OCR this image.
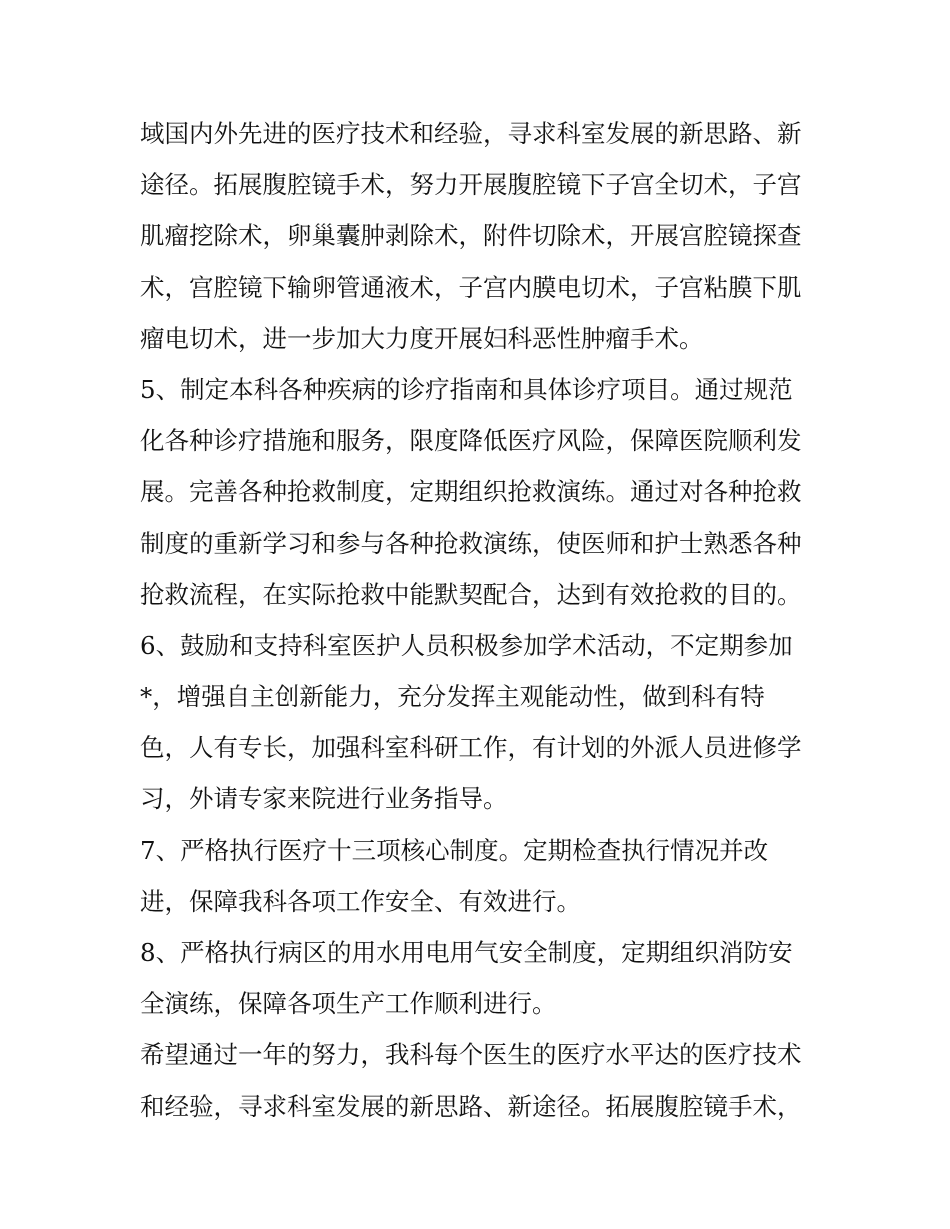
域国内外先进的医疗技术和经验，寻求科室发展的新思路、新
途径。拓展腹腔镜手术，努力开展腹腔镜下子宫全切术，子宫
肌瘤挖除术，卵巢囊肿剥除术，附件切除术，开展宫腔镜探查
术，宫腔镜下输卵管通液术，子宫内膜电切术，子宫粘膜下肌
瘤电切术，进一步加大力度开展妇科恶性肿瘤手术。
5、制定本科各种疾病的诊疗指南和具体诊疗项目。通过规范
化各种诊疗措施和服务，限度降低医疗风险，保障医院顺利发
展。完善各种抢救制度，定期组织抢救演练。通过对各种抢救
制度的重新学习和参与各种抢救演练，使医师和护士熟悉各种
抢救流程，在实际抢救中能默契配合，达到有效抢救的目的。
6、鼓励和支持科室医护人员积极参加学术活动，不定期参加
*，增强自主创新能力，充分发挥主观能动性，做到科有特
色，人有专长，加强科室科研工作，有计划的外派人员进修学
习，外请专家来院进行业务指导。
7、严格执行医疗十三项核心制度。定期检查执行情况并改
进，保障我科各项工作安全、有效进行。
8、严格执行病区的用水用电用气安全制度，定期组织消防安
全演练，保障各项生产工作顺利进行。
希望通过一年的努力，我科每个医生的医疗水平达的医疗技术
和经验，寻求科室发展的新思路、新途径。拓展腹腔镜手术，
